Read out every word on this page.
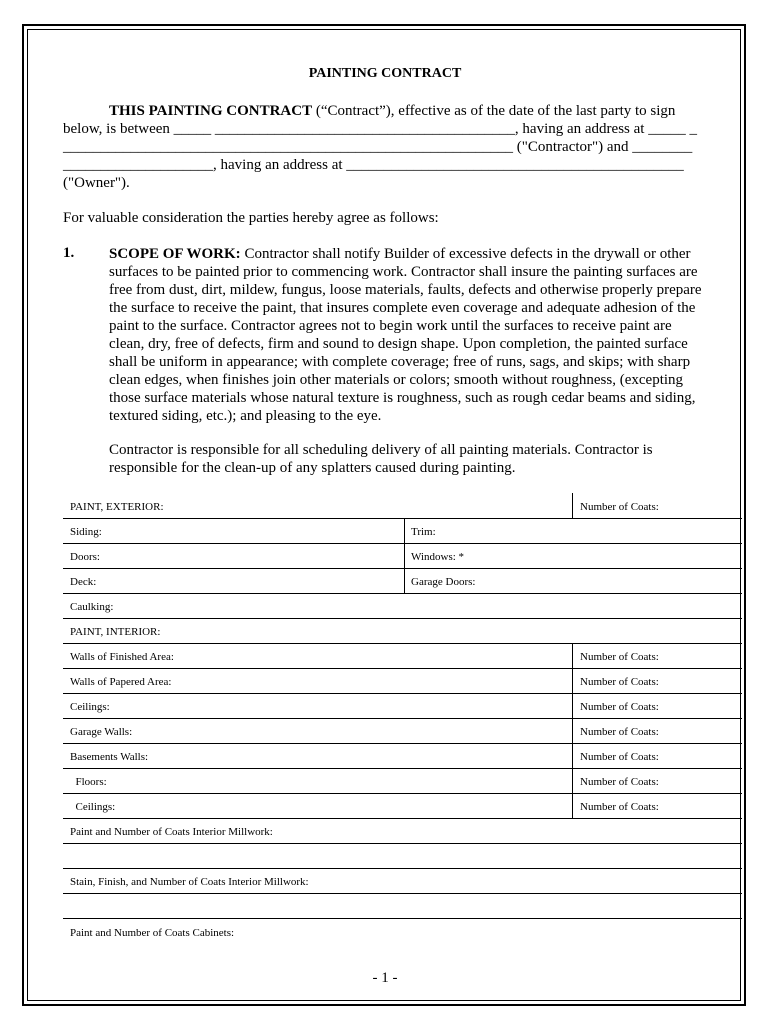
PAINTING CONTRACT
THIS PAINTING CONTRACT (“Contract”), effective as of the date of the last party to sign
below, is between _____ ________________________________________, having an address at _____ _
____________________________________________________________ ("Contractor") and ________
____________________, having an address at _____________________________________________
("Owner").
For valuable consideration the parties hereby agree as follows:
1. SCOPE OF WORK: Contractor shall notify Builder of excessive defects in the drywall or other
surfaces to be painted prior to commencing work. Contractor shall insure the painting surfaces are
free from dust, dirt, mildew, fungus, loose materials, faults, defects and otherwise properly prepare
the surface to receive the paint, that insures complete even coverage and adequate adhesion of the
paint to the surface. Contractor agrees not to begin work until the surfaces to receive paint are
clean, dry, free of defects, firm and sound to design shape. Upon completion, the painted surface
shall be uniform in appearance; with complete coverage; free of runs, sags, and skips; with sharp
clean edges, when finishes join other materials or colors; smooth without roughness, (excepting
those surface materials whose natural texture is roughness, such as rough cedar beams and siding,
textured siding, etc.); and pleasing to the eye.
Contractor is responsible for all scheduling delivery of all painting materials. Contractor is
responsible for the clean-up of any splatters caused during painting.
PAINT, EXTERIOR:	Number of Coats:
Siding:	Trim:
Doors:	Windows: *
Deck:	Garage Doors:
Caulking:
PAINT, INTERIOR:
Walls of Finished Area:	Number of Coats:
Walls of Papered Area:	Number of Coats:
Ceilings:	Number of Coats:
Garage Walls:	Number of Coats:
Basements Walls:	Number of Coats:
Floors:	Number of Coats:
Ceilings:	Number of Coats:
Paint and Number of Coats Interior Millwork:
Stain, Finish, and Number of Coats Interior Millwork:
Paint and Number of Coats Cabinets:
- 1 -
